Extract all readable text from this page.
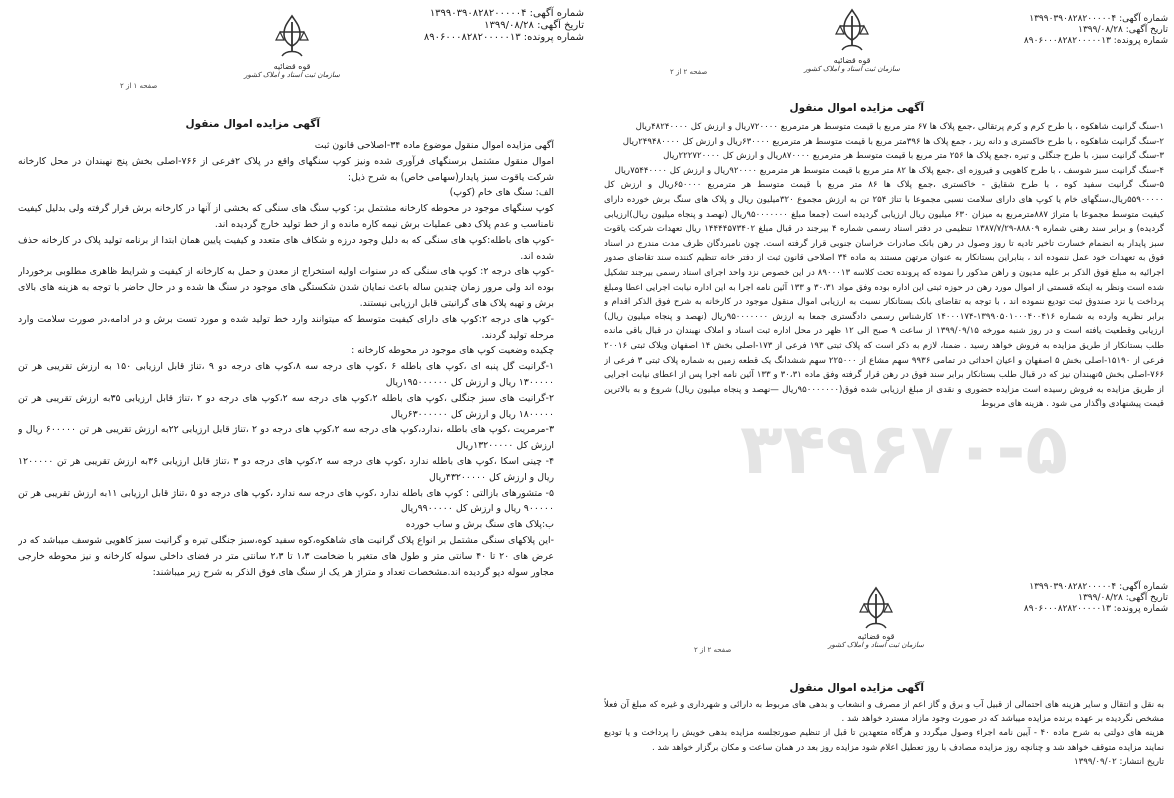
شماره آگهی: ۱۳۹۹۰۳۹۰۸۲۸۲۰۰۰۰۰۴
تاریخ آگهی: ۱۳۹۹/۰۸/۲۸
شماره پرونده: ۸۹۰۶۰۰۰۸۲۸۲۰۰۰۰۰۱۳
قوه قضائیه
سازمان ثبت اسناد و املاک کشور
صفحه ۱ از ۲
آگهی مزایده اموال منقول

آگهی مزایده اموال منقول موضوع ماده ۳۴-اصلاحی قانون ثبت

اموال منقول مشتمل برسنگهای فرآوری شده ونیز کوپ سنگهای واقع در پلاک ۲فرعی از ۷۶۶-اصلی بخش پنج نهبندان در محل کارخانه شرکت یاقوت سبز پایدار(سهامی خاص) به شرح ذیل:

الف: سنگ های خام (کوپ)

کوپ سنگهای موجود در محوطه کارخانه مشتمل بر: کوپ سنگ های سنگی که بخشی از آنها در کارخانه برش قرار گرفته ولی بدلیل کیفیت نامناسب و عدم پلاک دهی عملیات برش نیمه کاره مانده و از خط تولید خارج گردیده اند.

-کوپ های باطله:کوپ های سنگی که به دلیل وجود درزه و شکاف های متعدد و کیفیت پایین همان ابتدا از برنامه تولید پلاک در کارخانه حذف شده اند.

-کوپ های درجه ۲: کوپ های سنگی که در سنوات اولیه استخراج از معدن و حمل به کارخانه از کیفیت و شرایط ظاهری مطلوبی برخوردار بوده اند ولی مرور زمان چندین ساله باعث نمایان شدن شکستگی های موجود در سنگ ها شده و در حال حاضر با توجه به هزینه های بالای برش و تهیه پلاک های گرانیتی قابل ارزیابی نیستند.

-کوپ های درجه ۲:کوپ های دارای کیفیت متوسط که میتوانند وارد خط تولید شده و مورد تست برش و در ادامه،در صورت سلامت وارد مرحله تولید گردند.

چکیده وضعیت کوپ های موجود در محوطه کارخانه :

۱-گرانیت گل پنبه ای ،کوپ های باطله ۶ ،کوپ های درجه سه ۸،کوپ های درجه دو ۹ ،تناژ قابل ارزیابی ۱۵۰ به ارزش تقریبی هر تن ۱۳۰۰۰۰۰ ریال و ارزش کل ۱۹۵۰۰۰۰۰۰ریال

۲-گرانیت های سبز جنگلی ،کوپ های باطله ۲،کوپ های درجه سه ۲،کوپ های درجه دو ۲ ،تناژ قابل ارزیابی ۳۵به ارزش تقریبی هر تن ۱۸۰۰۰۰۰ ریال و ارزش کل ۶۳۰۰۰۰۰۰ریال

۳-مرمریت ،کوپ های باطله ،ندارد،کوپ های درجه سه ۲،کوپ های درجه دو ۲ ،تناژ قابل ارزیابی ۲۲به ارزش تقریبی هر تن ۶۰۰۰۰۰ ریال و ارزش کل ۱۳۲۰۰۰۰۰ریال

۴- چینی اسکا ،کوپ های باطله ندارد ،کوپ های درجه سه ۲،کوپ های درجه دو ۳ ،تناژ قابل ارزیابی ۳۶به ارزش تقریبی هر تن ۱۲۰۰۰۰۰ ریال و ارزش کل ۴۳۲۰۰۰۰۰ریال

۵- متشورهای بازالتی : کوپ های باطله ندارد ،کوپ های درجه سه ندارد ،کوپ های درجه دو ۵ ،تناژ قابل ارزیابی ۱۱به ارزش تقریبی هر تن ۹۰۰۰۰۰ ریال و ارزش کل ۹۹۰۰۰۰۰ریال

ب:پلاک های سنگ برش و ساب خورده

-این پلاکهای سنگی مشتمل بر انواع پلاک گرانیت های شاهکوه،کوه سفید کوه،سبز جنگلی تیره و گرانیت سبز کاهویی شوسف میباشد که در عرض های ۲۰ تا ۴۰ سانتی متر و طول های متغیر با ضخامت ۱،۳ تا ۲،۳ سانتی متر در فضای داخلی سوله کارخانه و نیز محوطه خارجی مجاور سوله دپو گردیده اند.مشخصات تعداد و متراژ هر یک از سنگ های فوق الذکر به شرح زیر میباشند:

شماره آگهی: ۱۳۹۹۰۳۹۰۸۲۸۲۰۰۰۰۰۴
تاریخ آگهی: ۱۳۹۹/۰۸/۲۸
شماره پرونده: ۸۹۰۶۰۰۰۸۲۸۲۰۰۰۰۰۱۳
قوه قضائیه
سازمان ثبت اسناد و املاک کشور
صفحه ۲ از ۲
آگهی مزایده اموال منقول

۱-سنگ گرانیت شاهکوه ، با طرح کرم و کرم پرتقالی ،جمع پلاک ها ۶۷ متر مربع با قیمت متوسط هر مترمربع ۷۲۰۰۰۰ریال و ارزش کل ۴۸۲۴۰۰۰۰ریال

۲-سنگ گرانیت شاهکوه ، با طرح خاکستری و دانه ریز ، جمع پلاک ها ۳۹۶متر مربع با قیمت متوسط هر مترمربع ۶۳۰۰۰۰ریال و ارزش کل ۲۴۹۴۸۰۰۰۰ریال

۳-سنگ گرانیت سبز، با طرح جنگلی و تیره ،جمع پلاک ها ۲۵۶ متر مربع با قیمت متوسط هر مترمربع ۸۷۰۰۰۰ریال و ارزش کل ۲۲۲۷۲۰۰۰۰ریال

۴-سنگ گرانیت سبز شوسف ، با طرح کاهویی و فیروزه ای ،جمع پلاک ها ۸۲ متر مربع با قیمت متوسط هر مترمربع ۹۲۰۰۰۰ریال و ارزش کل ۷۵۴۴۰۰۰۰ریال

۵-سنگ گرانیت سفید کوه ، با طرح شقایق - خاکستری ،جمع پلاک ها ۸۶ متر مربع با قیمت متوسط هر مترمربع ۶۵۰۰۰۰ریال و ارزش کل ۵۵۹۰۰۰۰۰ریال،سنگهای خام یا کوپ های دارای سلامت نسبی مجموعا با تناژ ۲۵۴ تن به ارزش مجموع ۳۲۰میلیون ریال و پلاک های سنگ برش خورده دارای کیفیت متوسط مجموعا با متراژ ۸۸۷مترمربع به میزان ۶۳۰ میلیون ریال ارزیابی گردیده است (جمعا مبلغ ۹۵۰۰۰۰۰۰۰ریال (نهصد و پنجاه میلیون ریال)ارزیابی گردیده) و برابر سند رهنی شماره ۸۸۸۰۹-۱۳۸۷/۷/۲۹ تنظیمی در دفتر اسناد رسمی شماره ۴ بیرجند در قبال مبلغ ۱۴۴۴۴۵۷۳۴۰۲ ریال تعهدات شرکت یاقوت سبز پایدار به انضمام خسارت تاخیر تادیه تا روز وصول در رهن بانک صادرات خراسان جنوبی قرار گرفته است. چون نامبردگان ظرف مدت مندرج در اسناد فوق به تعهدات خود عمل ننموده اند ، بنابراین بستانکار به عنوان مرتهن مستند به ماده ۳۴ اصلاحی قانون ثبت از دفتر خانه تنظیم کننده سند تقاضای صدور اجرائیه به مبلغ فوق الذکر بر علیه مدیون و راهن مذکور را نموده که پرونده تحت کلاسه ۸۹۰۰۰۱۳ در این خصوص نزد واحد اجرای اسناد رسمی بیرجند تشکیل شده است ونظر به اینکه قسمتی از اموال مورد رهن در حوزه ثبتی این اداره بوده وفق مواد ۳۰،۳۱ و ۱۳۳ آئین نامه اجرا به این اداره نیابت اجرایی اعطا ومبلغ پرداخت یا نزد صندوق ثبت تودیع ننموده اند ، با توجه به تقاضای بانک بستانکار نسبت به ارزیابی اموال منقول موجود در کارخانه به شرح فوق الذکر اقدام و برابر نظریه وارده به شماره ۱۳۹۹۰۵۰۱۰۰۰۴۰۰۴۱۶-۱۴۰۰۰۱۷۴ کارشناس رسمی دادگستری جمعا به ارزش ۹۵۰۰۰۰۰۰۰ریال (نهصد و پنجاه میلیون ریال) ارزیابی وقطعیت یافته است و در روز شنبه مورخه ۱۳۹۹/۰۹/۱۵ از ساعت ۹ صبح الی ۱۲ ظهر در محل اداره ثبت اسناد و املاک نهبندان در قبال باقی مانده طلب بستانکار از طریق مزایده به فروش خواهد رسید . ضمنا، لازم به ذکر است که پلاک ثبتی ۱۹۳ فرعی از ۱۷۳-اصلی بخش ۱۴ اصفهان ویلاک ثبتی ۲۰۰۱۶ فرعی از ۱۵۱۹۰-اصلی بخش ۵ اصفهان و اعیان احداثی در تمامی ۹۹۳۶ سهم مشاع از ۲۲۵۰۰۰ سهم ششدانگ یک قطعه زمین به شماره پلاک ثبتی ۳ فرعی از ۷۶۶-اصلی بخش ۵نهبندان نیز که در قبال طلب بستانکار برابر سند فوق در رهن قرار گرفته وفق ماده ۳۰،۳۱ و ۱۳۳ آئین نامه اجرا پس از اعطای نیابت اجرایی از طریق مزایده به فروش رسیده است مزایده حضوری و نقدی از مبلغ ارزیابی شده فوق(۹۵۰۰۰۰۰۰۰ریال —نهصد و پنجاه میلیون ریال) شروع و به بالاترین قیمت پیشنهادی واگذار می شود . هزینه های مربوط

۳۴۹۶۷۰-۵
شماره آگهی: ۱۳۹۹۰۳۹۰۸۲۸۲۰۰۰۰۰۴
تاریخ آگهی: ۱۳۹۹/۰۸/۲۸
شماره پرونده: ۸۹۰۶۰۰۰۸۲۸۲۰۰۰۰۰۱۳
قوه قضائیه
سازمان ثبت اسناد و املاک کشور
صفحه ۲ از ۲
آگهی مزایده اموال منقول

به نقل و انتقال و سایر هزینه های احتمالی از قبیل آب و برق و گاز اعم از مصرف و انشعاب و بدهی های مربوط به دارائی و شهرداری و غیره که مبلغ آن فعلاً مشخص نگردیده بر عهده برنده مزایده میباشد که در صورت وجود مازاد مسترد خواهد شد .

هزینه های دولتی به شرح ماده ۴۰ - آیین نامه اجراء وصول میگردد و هرگاه متعهدین تا قبل از تنظیم صورتجلسه مزایده بدهی خویش را پرداخت و یا تودیع نمایند مزایده متوقف خواهد شد و چنانچه روز مزایده مصادف با روز تعطیل اعلام شود مزایده روز بعد در همان ساعت و مکان برگزار خواهد شد .

تاریخ انتشار: ۱۳۹۹/۰۹/۰۲
